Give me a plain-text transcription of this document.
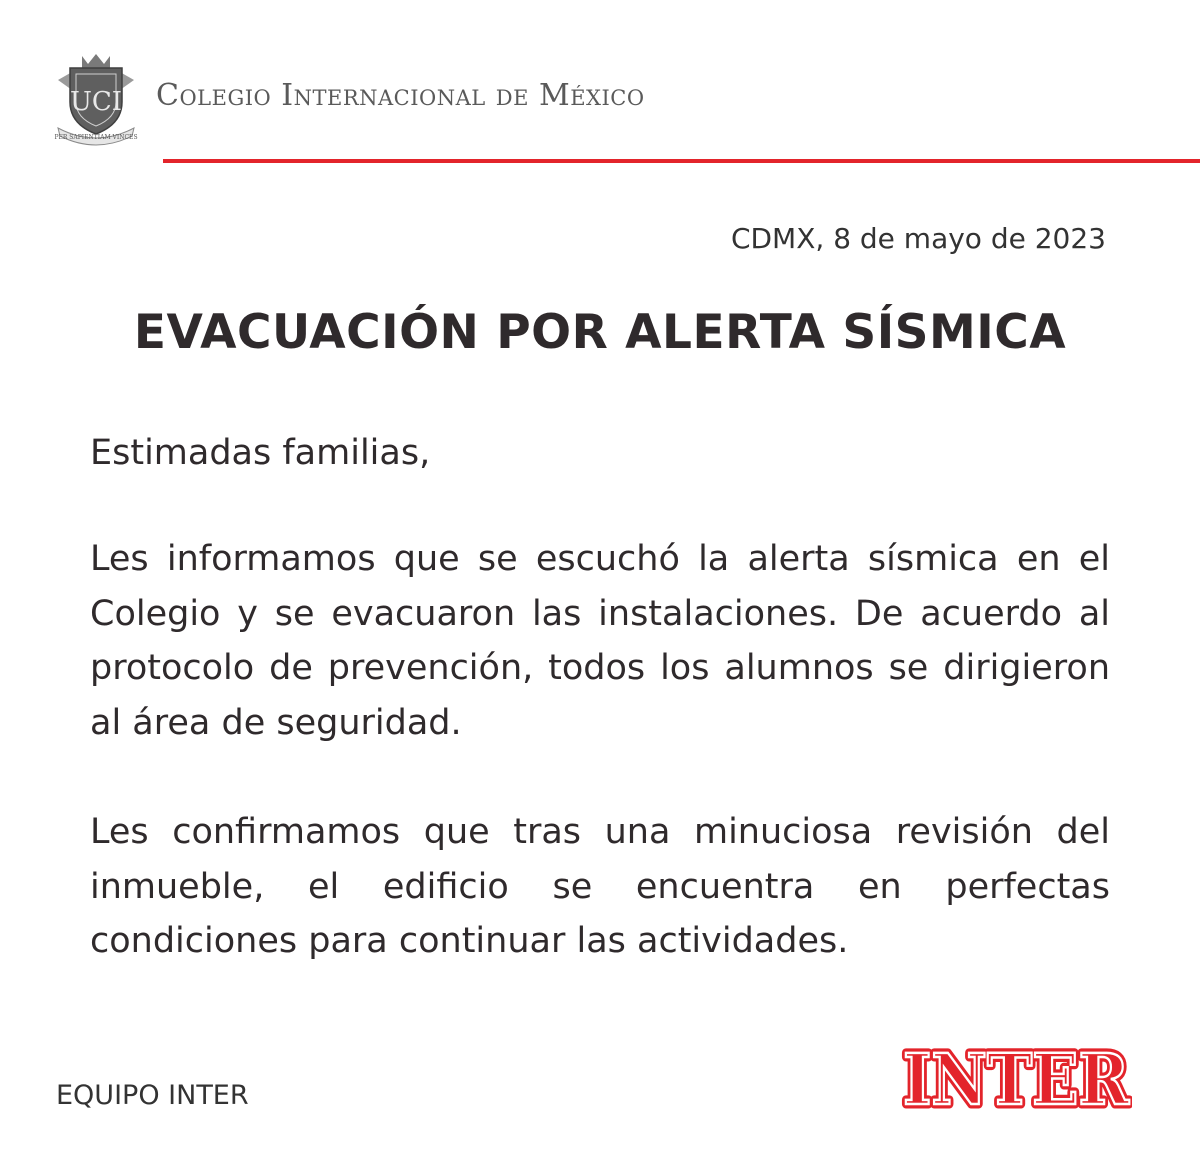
UCI
PER SAPIENTIAM VINCES
Colegio Internacional de México
CDMX, 8 de mayo de 2023
EVACUACIÓN POR ALERTA SÍSMICA

Estimadas familias,

Les informamos que se escuchó la alerta sísmica en el Colegio y se evacuaron las instalaciones. De acuerdo al protocolo de prevención, todos los alumnos se dirigieron al área de seguridad.

Les confirmamos que tras una minuciosa revisión del inmueble, el edificio se encuentra en perfectas condiciones para continuar las actividades.

EQUIPO INTER	INTER
INTER
